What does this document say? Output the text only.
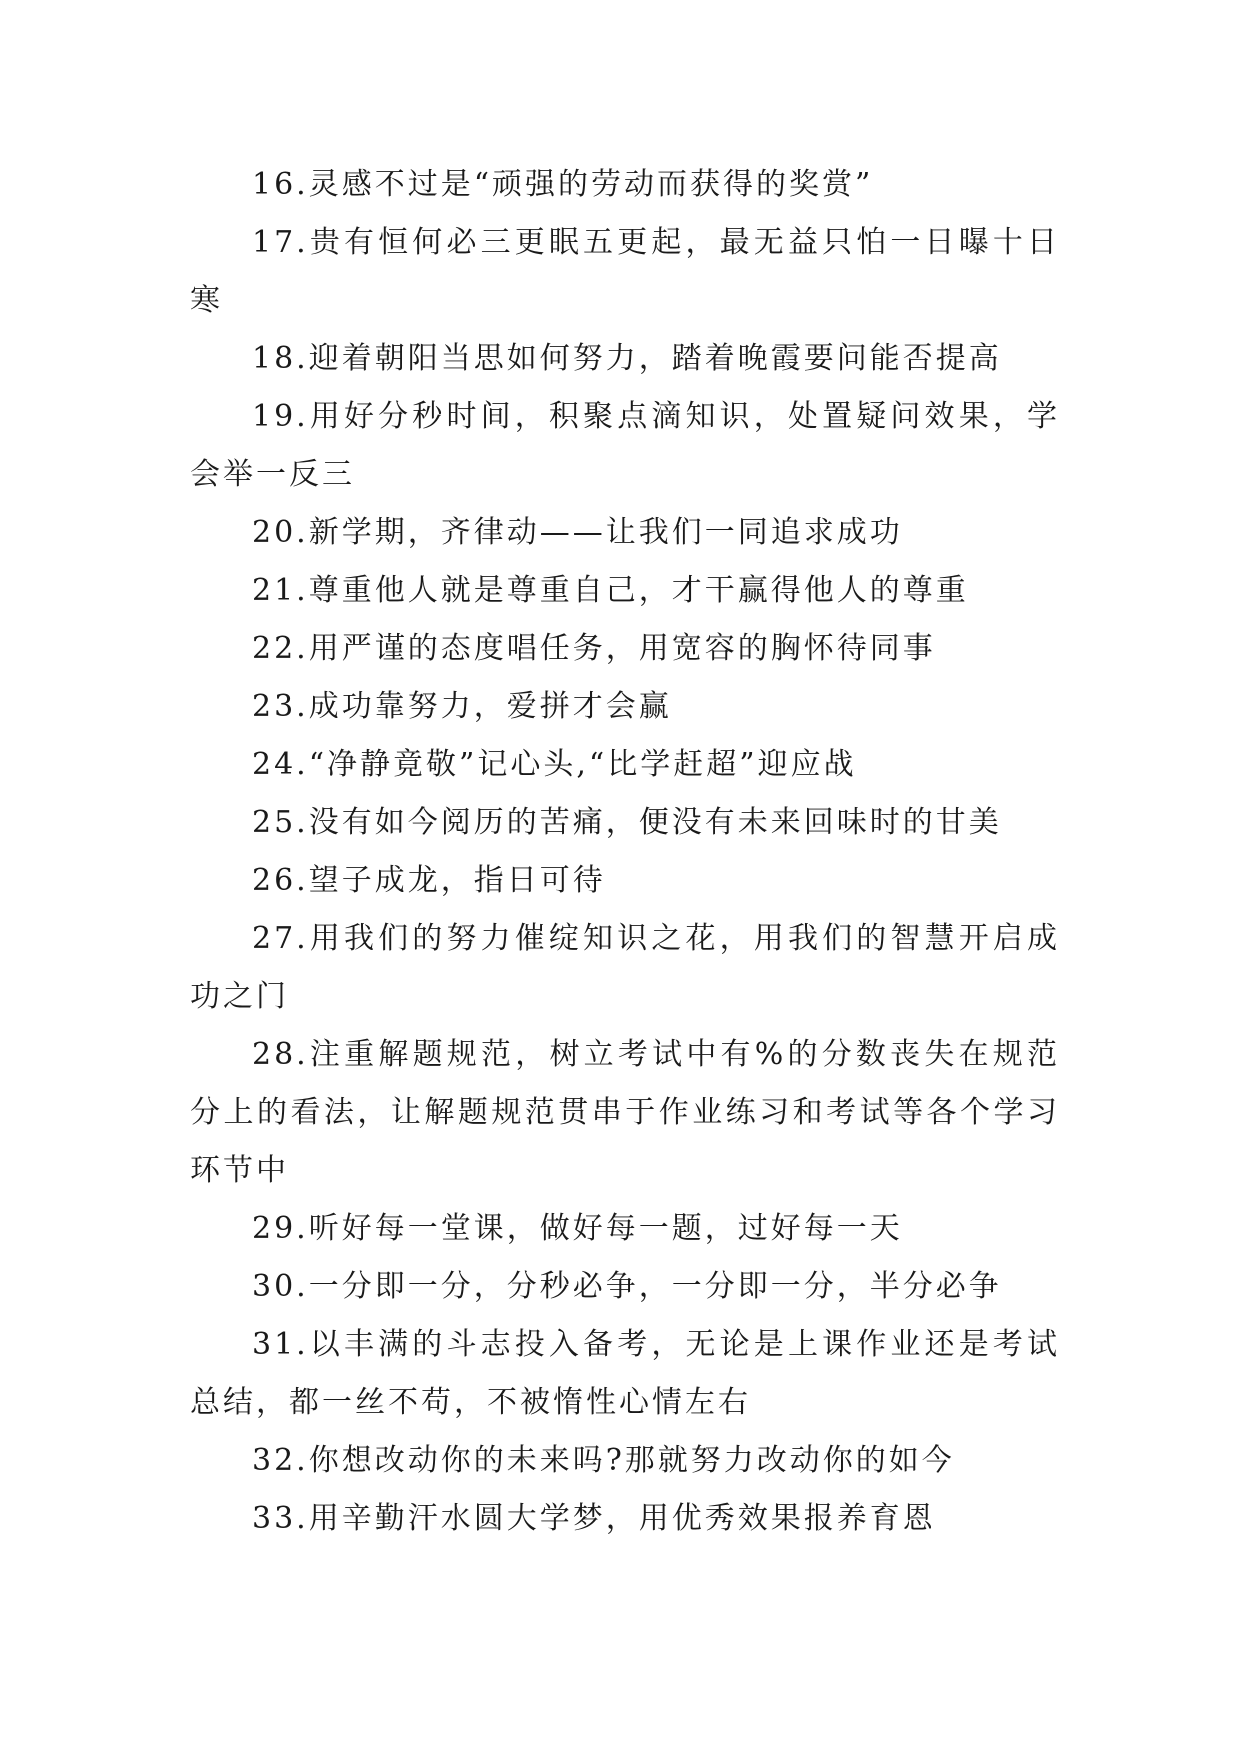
16.灵感不过是“顽强的劳动而获得的奖赏”

17.贵有恒何必三更眠五更起，最无益只怕一日曝十日寒

18.迎着朝阳当思如何努力，踏着晚霞要问能否提高

19.用好分秒时间，积聚点滴知识，处置疑问效果，学会举一反三

20.新学期，齐律动——让我们一同追求成功

21.尊重他人就是尊重自己，才干赢得他人的尊重

22.用严谨的态度唱任务，用宽容的胸怀待同事

23.成功靠努力，爱拼才会赢

24.“净静竟敬”记心头,“比学赶超”迎应战

25.没有如今阅历的苦痛，便没有未来回味时的甘美

26.望子成龙，指日可待

27.用我们的努力催绽知识之花，用我们的智慧开启成功之门

28.注重解题规范，树立考试中有%的分数丧失在规范分上的看法，让解题规范贯串于作业练习和考试等各个学习环节中

29.听好每一堂课，做好每一题，过好每一天

30.一分即一分，分秒必争，一分即一分，半分必争

31.以丰满的斗志投入备考，无论是上课作业还是考试总结，都一丝不苟，不被惰性心情左右

32.你想改动你的未来吗?那就努力改动你的如今

33.用辛勤汗水圆大学梦，用优秀效果报养育恩
